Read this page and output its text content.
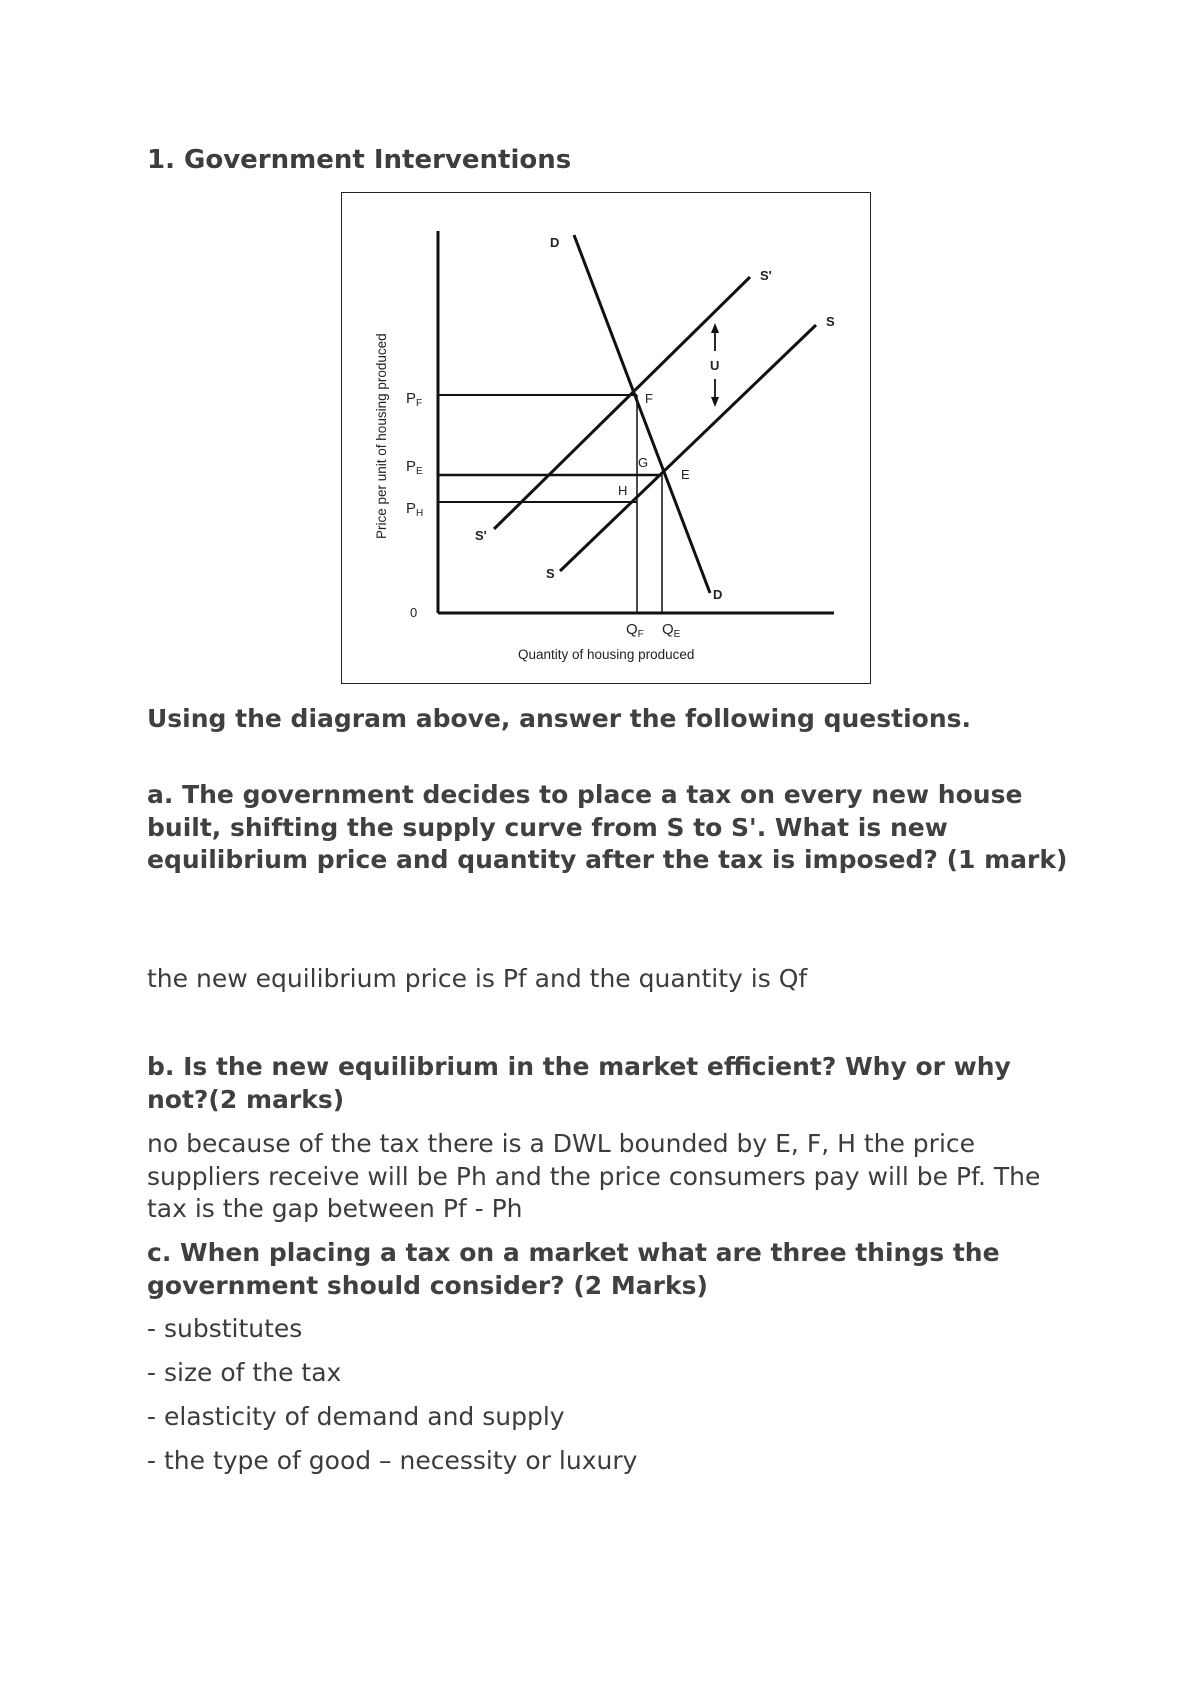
1. Government Interventions
D
D
S'
S'
S
S
F
G
E
H
U
$P_F$
$P_E$
$P_H$
0
$Q_F$ $Q_E$
Quantity of housing produced
Price per unit of housing produced

Using the diagram above, answer the following questions.

a. The government decides to place a tax on every new house built, shifting the supply curve from S to S'. What is new equilibrium price and quantity after the tax is imposed? (1 mark)

the new equilibrium price is Pf and the quantity is Qf

b. Is the new equilibrium in the market efficient? Why or why not?(2 marks)

no because of the tax there is a DWL bounded by E, F, H the price suppliers receive will be Ph and the price consumers pay will be Pf. The tax is the gap between Pf - Ph

c. When placing a tax on a market what are three things the government should consider? (2 Marks)

- substitutes

- size of the tax

- elasticity of demand and supply

- the type of good – necessity or luxury
